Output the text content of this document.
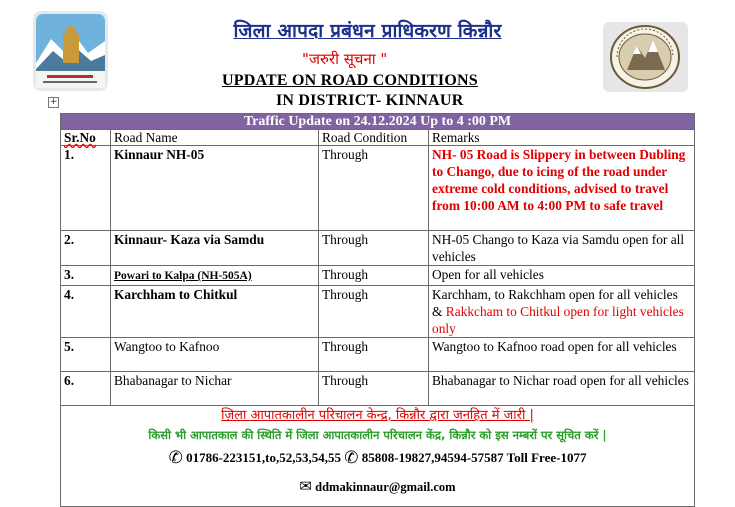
जिला आपदा प्रबंधन प्राधिकरण किन्नौर
"जरुरी सूचना "
UPDATE ON ROAD CONDITIONS
IN DISTRICT- KINNAUR
+
Traffic Update on 24.12.2024 Up to 4 :00 PM			
Sr.No	Road Name	Road Condition	Remarks
1.	Kinnaur NH-05	Through	NH- 05 Road is Slippery in between Dubling to Chango, due to icing of the road under extreme cold conditions, advised to travel from 10:00 AM to 4:00 PM to safe travel
2.	Kinnaur- Kaza via Samdu	Through	NH-05 Chango to Kaza via Samdu open for all vehicles
3.	Powari to Kalpa (NH-505A)	Through	Open for all vehicles
4.	Karchham to Chitkul	Through	Karchham, to Rakchham open for all vehicles & Rakkcham to Chitkul open for light vehicles only
5.	Wangtoo to Kafnoo	Through	Wangtoo to Kafnoo road open for all vehicles
6.	Bhabanagar to Nichar	Through	Bhabanagar to Nichar road open for all vehicles

ज़िला आपातकालीन परिचालन केन्द्र, किन्नौर द्वारा जनहित में जारी |
किसी भी आपातकाल की स्थिति में जिला आपातकालीन परिचालन केंद्र, किन्नौर को इस नम्बरों पर सूचित करें |
✆ 01786-223151,to,52,53,54,55 ✆ 85808-19827,94594-57587 Toll Free-1077
✉ ddmakinnaur@gmail.com			
